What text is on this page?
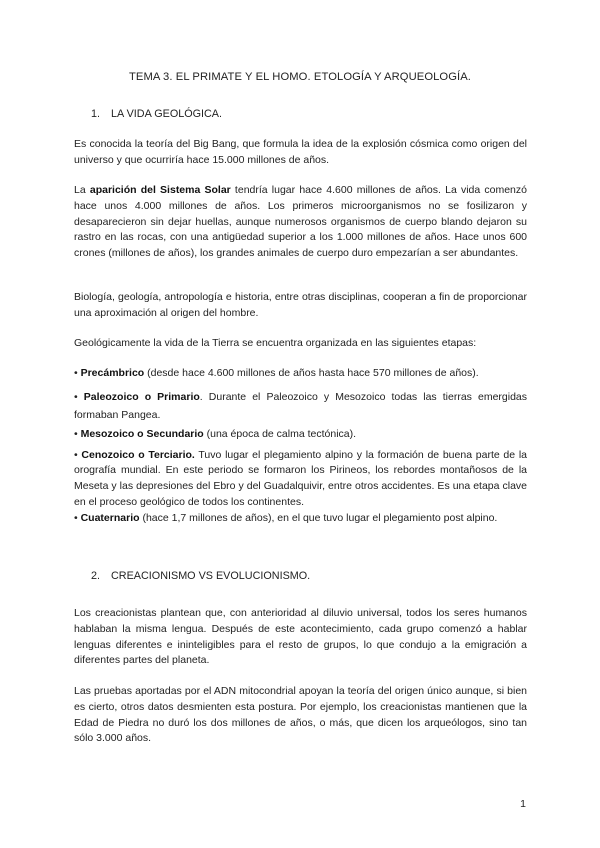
TEMA 3. EL PRIMATE Y EL HOMO. ETOLOGÍA Y ARQUEOLOGÍA.
1. LA VIDA GEOLÓGICA.

Es conocida la teoría del Big Bang, que formula la idea de la explosión cósmica como origen del universo y que ocurriría hace 15.000 millones de años.

La aparición del Sistema Solar tendría lugar hace 4.600 millones de años. La vida comenzó hace unos 4.000 millones de años. Los primeros microorganismos no se fosilizaron y desaparecieron sin dejar huellas, aunque numerosos organismos de cuerpo blando dejaron su rastro en las rocas, con una antigüedad superior a los 1.000 millones de años. Hace unos 600 crones (millones de años), los grandes animales de cuerpo duro empezarían a ser abundantes.

Biología, geología, antropología e historia, entre otras disciplinas, cooperan a fin de proporcionar una aproximación al origen del hombre.

Geológicamente la vida de la Tierra se encuentra organizada en las siguientes etapas:

• Precámbrico (desde hace 4.600 millones de años hasta hace 570 millones de años).
• Paleozoico o Primario. Durante el Paleozoico y Mesozoico todas las tierras emergidas formaban Pangea.
• Mesozoico o Secundario (una época de calma tectónica).
• Cenozoico o Terciario. Tuvo lugar el plegamiento alpino y la formación de buena parte de la orografía mundial. En este periodo se formaron los Pirineos, los rebordes montañosos de la Meseta y las depresiones del Ebro y del Guadalquivir, entre otros accidentes. Es una etapa clave en el proceso geológico de todos los continentes.
• Cuaternario (hace 1,7 millones de años), en el que tuvo lugar el plegamiento post alpino.
2. CREACIONISMO VS EVOLUCIONISMO.

Los creacionistas plantean que, con anterioridad al diluvio universal, todos los seres humanos hablaban la misma lengua. Después de este acontecimiento, cada grupo comenzó a hablar lenguas diferentes e ininteligibles para el resto de grupos, lo que condujo a la emigración a diferentes partes del planeta.

Las pruebas aportadas por el ADN mitocondrial apoyan la teoría del origen único aunque, si bien es cierto, otros datos desmienten esta postura. Por ejemplo, los creacionistas mantienen que la Edad de Piedra no duró los dos millones de años, o más, que dicen los arqueólogos, sino tan sólo 3.000 años.

1
